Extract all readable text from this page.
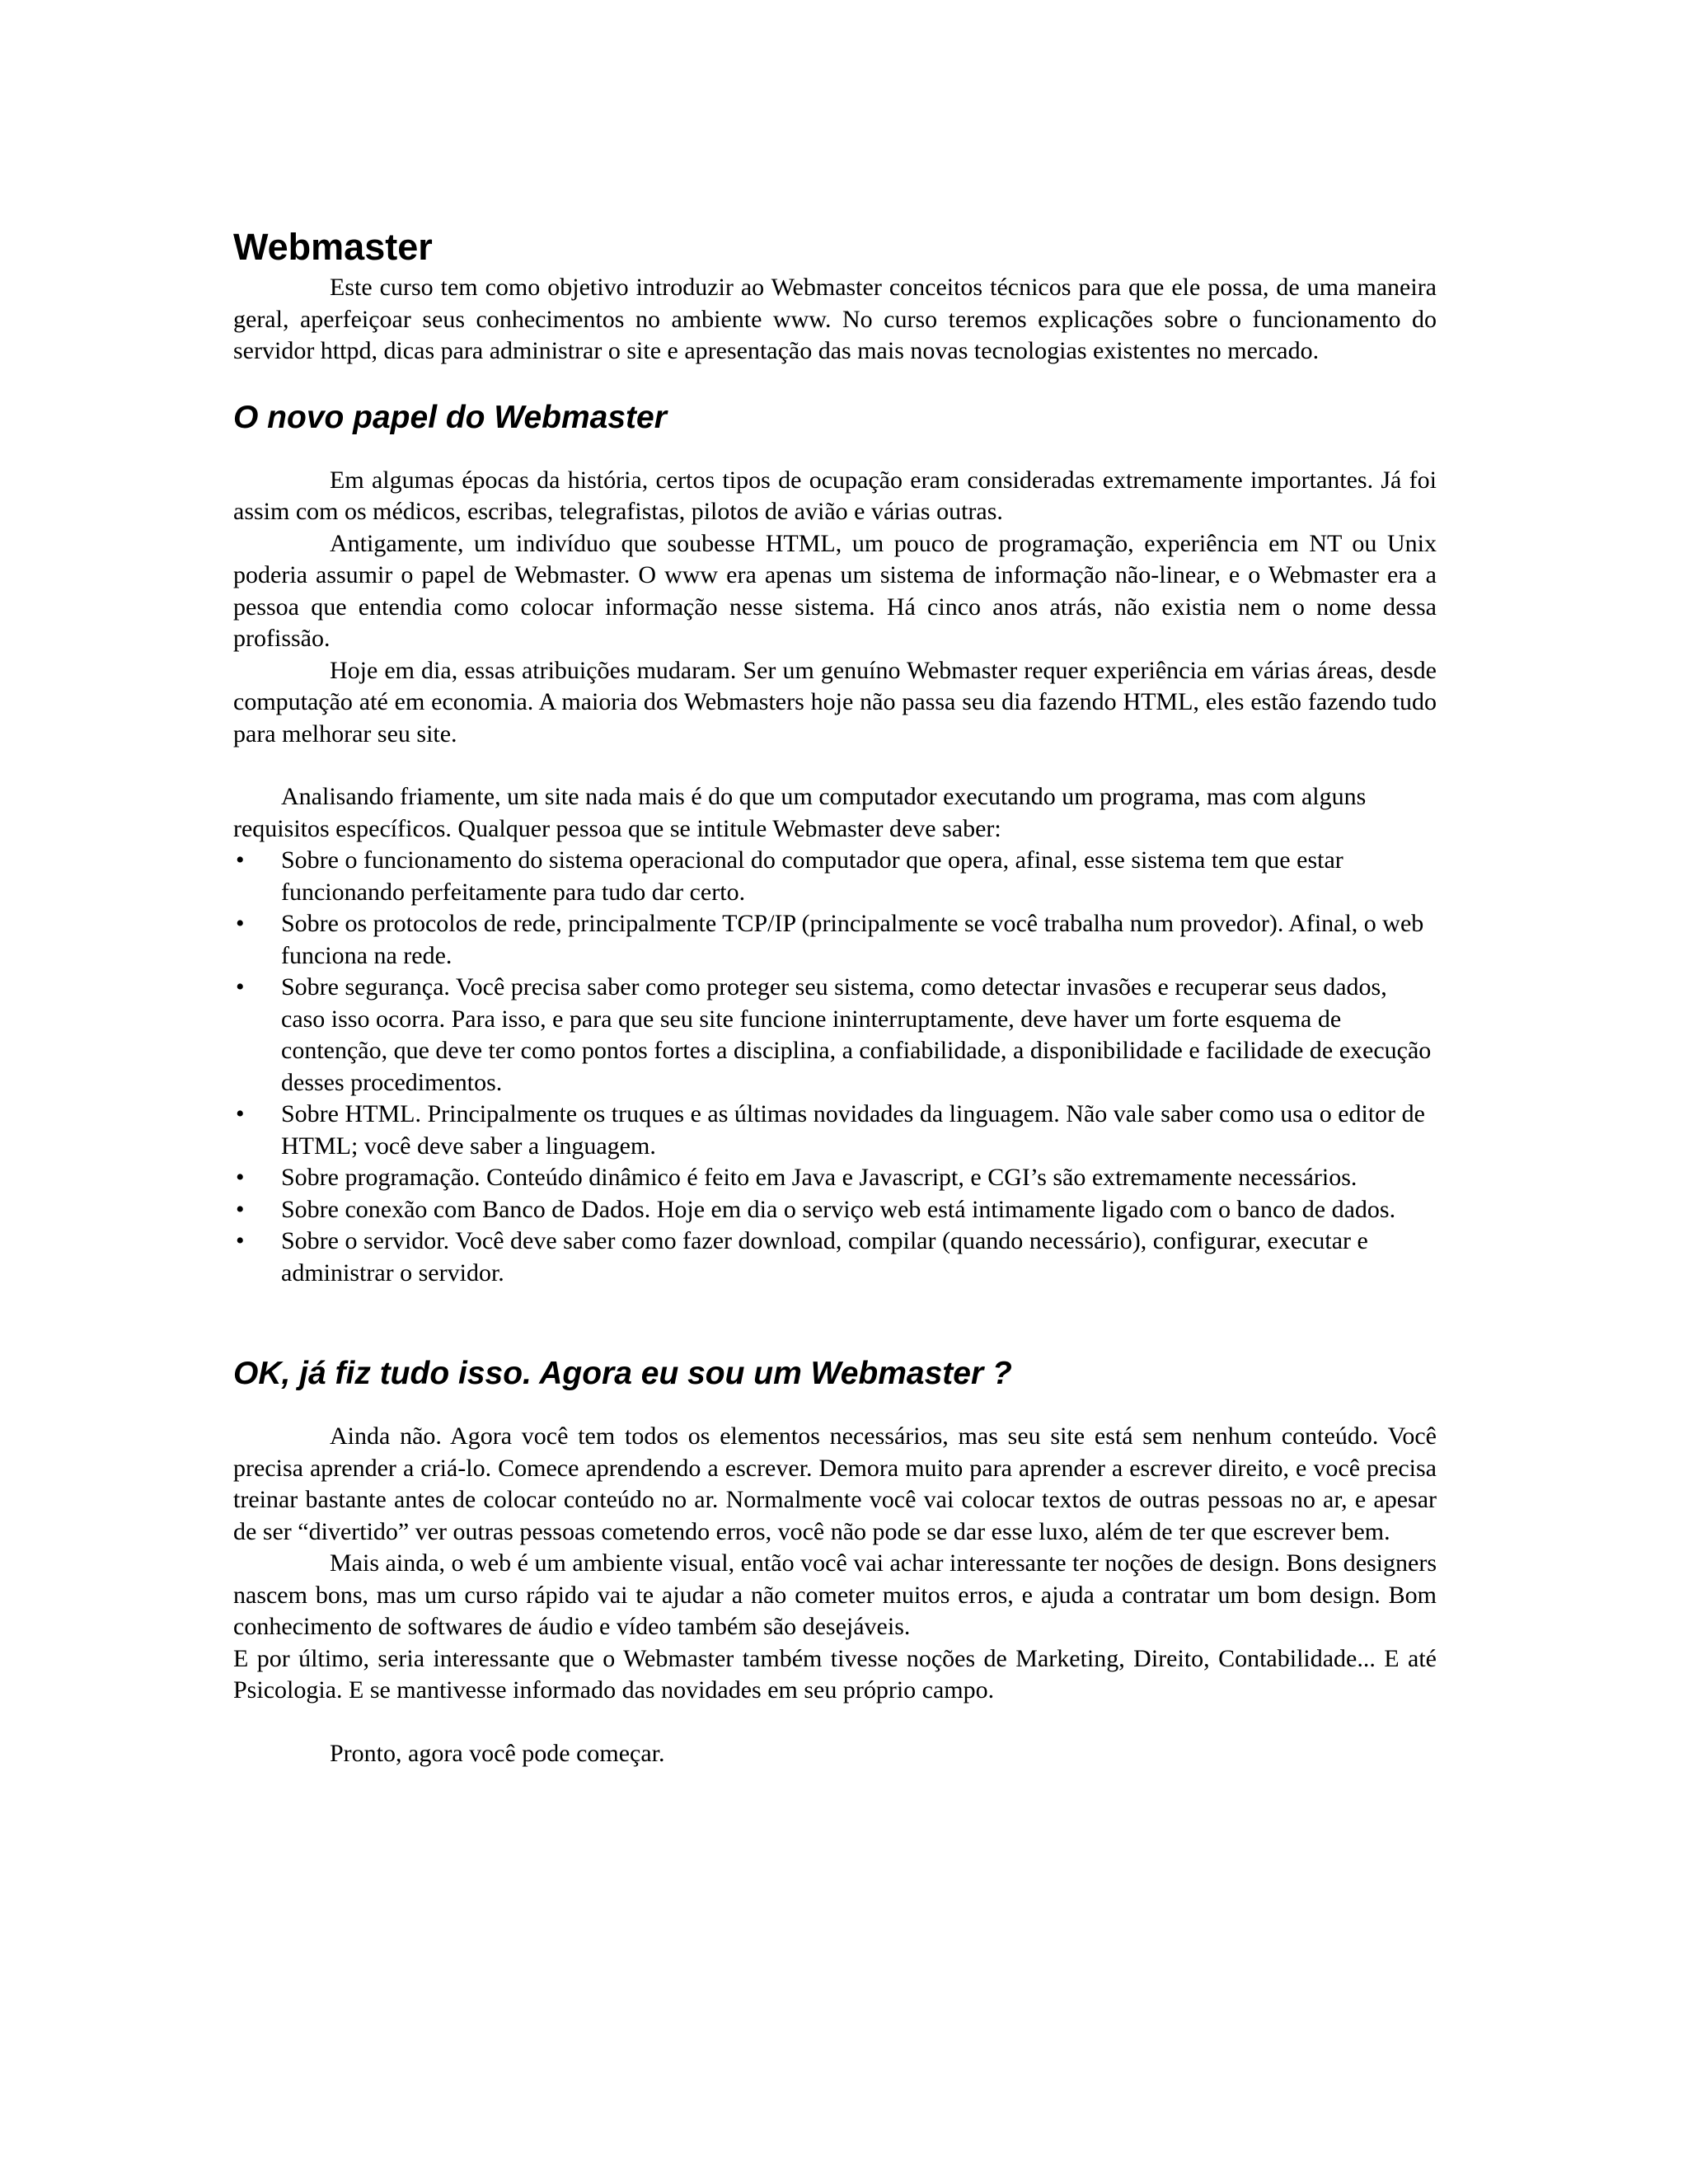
Webmaster

Este curso tem como objetivo introduzir ao Webmaster conceitos técnicos para que ele possa, de uma maneira geral, aperfeiçoar seus conhecimentos no ambiente www. No curso teremos explicações sobre o funcionamento do servidor httpd, dicas para administrar o site e apresentação das mais novas tecnologias existentes no mercado.

O novo papel do Webmaster

Em algumas épocas da história, certos tipos de ocupação eram consideradas extremamente importantes. Já foi assim com os médicos, escribas, telegrafistas, pilotos de avião e várias outras.

Antigamente, um indivíduo que soubesse HTML, um pouco de programação, experiência em NT ou Unix poderia assumir o papel de Webmaster. O www era apenas um sistema de informação não-linear, e o Webmaster era a pessoa que entendia como colocar informação nesse sistema. Há cinco anos atrás, não existia nem o nome dessa profissão.

Hoje em dia, essas atribuições mudaram. Ser um genuíno Webmaster requer experiência em várias áreas, desde computação até em economia. A maioria dos Webmasters hoje não passa seu dia fazendo HTML, eles estão fazendo tudo para melhorar seu site.

Analisando friamente, um site nada mais é do que um computador executando um programa, mas com alguns requisitos específicos. Qualquer pessoa que se intitule Webmaster deve saber:

•	Sobre o funcionamento do sistema operacional do computador que opera, afinal, esse sistema tem que estar funcionando perfeitamente para tudo dar certo.
•	Sobre os protocolos de rede, principalmente TCP/IP (principalmente se você trabalha num provedor). Afinal, o web funciona na rede.
•	Sobre segurança. Você precisa saber como proteger seu sistema, como detectar invasões e recuperar seus dados, caso isso ocorra. Para isso, e para que seu site funcione ininterruptamente, deve haver um forte esquema de contenção, que deve ter como pontos fortes a disciplina, a confiabilidade, a disponibilidade e facilidade de execução desses procedimentos.
•	Sobre HTML. Principalmente os truques e as últimas novidades da linguagem. Não vale saber como usa o editor de HTML; você deve saber a linguagem.
•	Sobre programação. Conteúdo dinâmico é feito em Java e Javascript, e CGI’s são extremamente necessários.
•	Sobre conexão com Banco de Dados. Hoje em dia o serviço web está intimamente ligado com o banco de dados.
•	Sobre o servidor. Você deve saber como fazer download, compilar (quando necessário), configurar, executar e administrar o servidor.
OK, já fiz tudo isso. Agora eu sou um Webmaster ?

Ainda não. Agora você tem todos os elementos necessários, mas seu site está sem nenhum conteúdo. Você precisa aprender a criá-lo. Comece aprendendo a escrever. Demora muito para aprender a escrever direito, e você precisa treinar bastante antes de colocar conteúdo no ar. Normalmente você vai colocar textos de outras pessoas no ar, e apesar de ser “divertido” ver outras pessoas cometendo erros, você não pode se dar esse luxo, além de ter que escrever bem.

Mais ainda, o web é um ambiente visual, então você vai achar interessante ter noções de design. Bons designers nascem bons, mas um curso rápido vai te ajudar a não cometer muitos erros, e ajuda a contratar um bom design. Bom conhecimento de softwares de áudio e vídeo também são desejáveis.

E por último, seria interessante que o Webmaster também tivesse noções de Marketing, Direito, Contabilidade... E até Psicologia. E se mantivesse informado das novidades em seu próprio campo.

Pronto, agora você pode começar.
